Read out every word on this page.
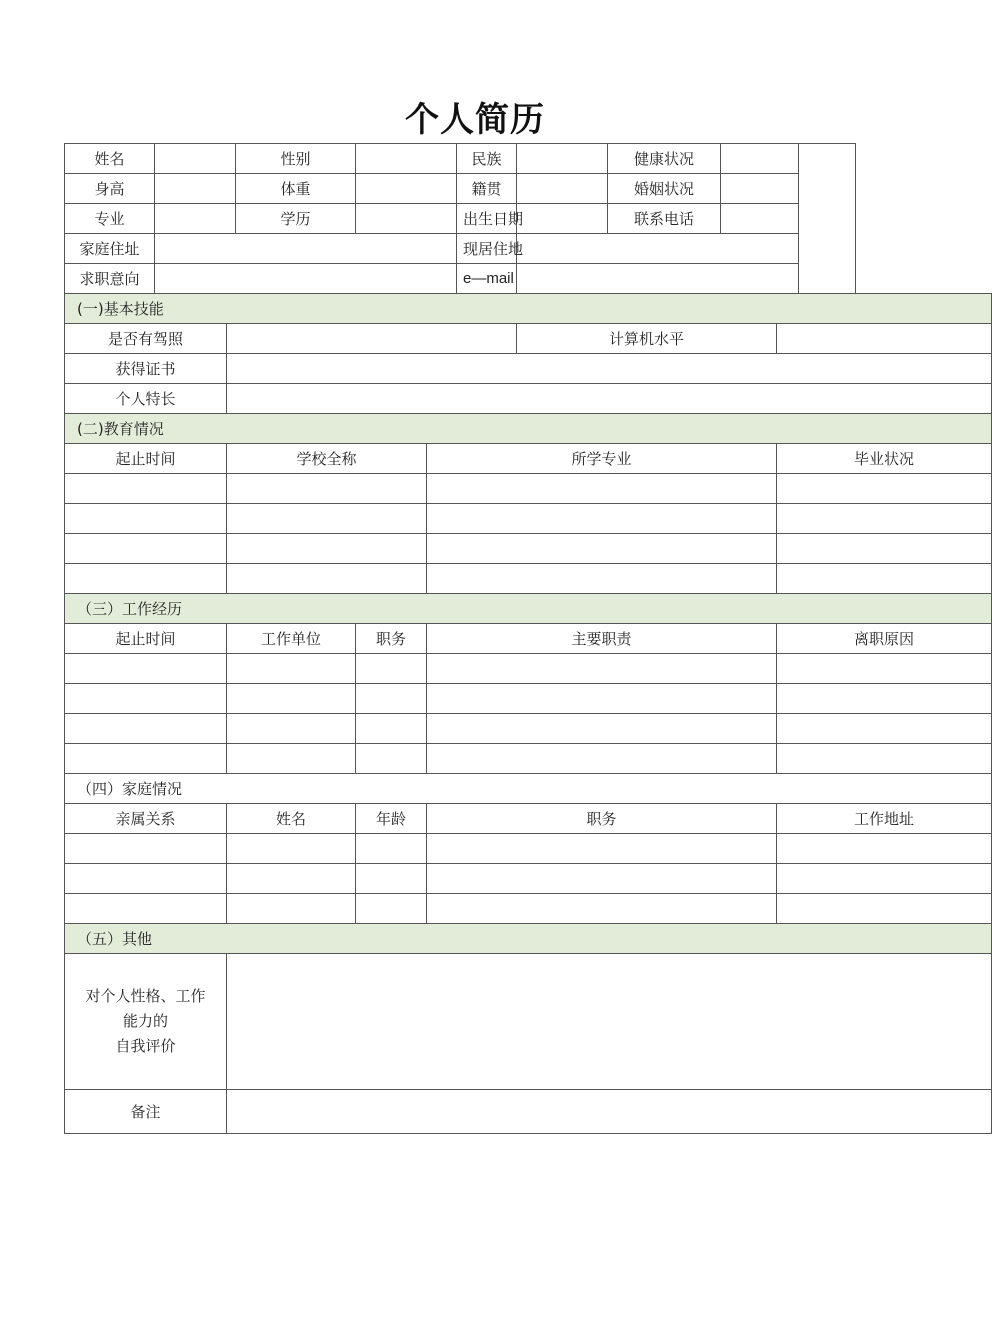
个人简历
姓名			性别			民族		健康状况			
身高			体重			籍贯		婚姻状况			
专业			学历			出生日期		联系电话			
家庭住址						现居住地					
求职意向						e—mail					
(一)基本技能											
是否有驾照							计算机水平				
获得证书											
个人特长											
(二)教育情况											
起止时间		学校全称			所学专业					毕业状况	

（三）工作经历											
起止时间		工作单位		职务	主要职责					离职原因	

（四）家庭情况											
亲属关系		姓名		年龄	职务					工作地址	

（五）其他											

对个人性格、工作
能力的
自我评价											

备注											
